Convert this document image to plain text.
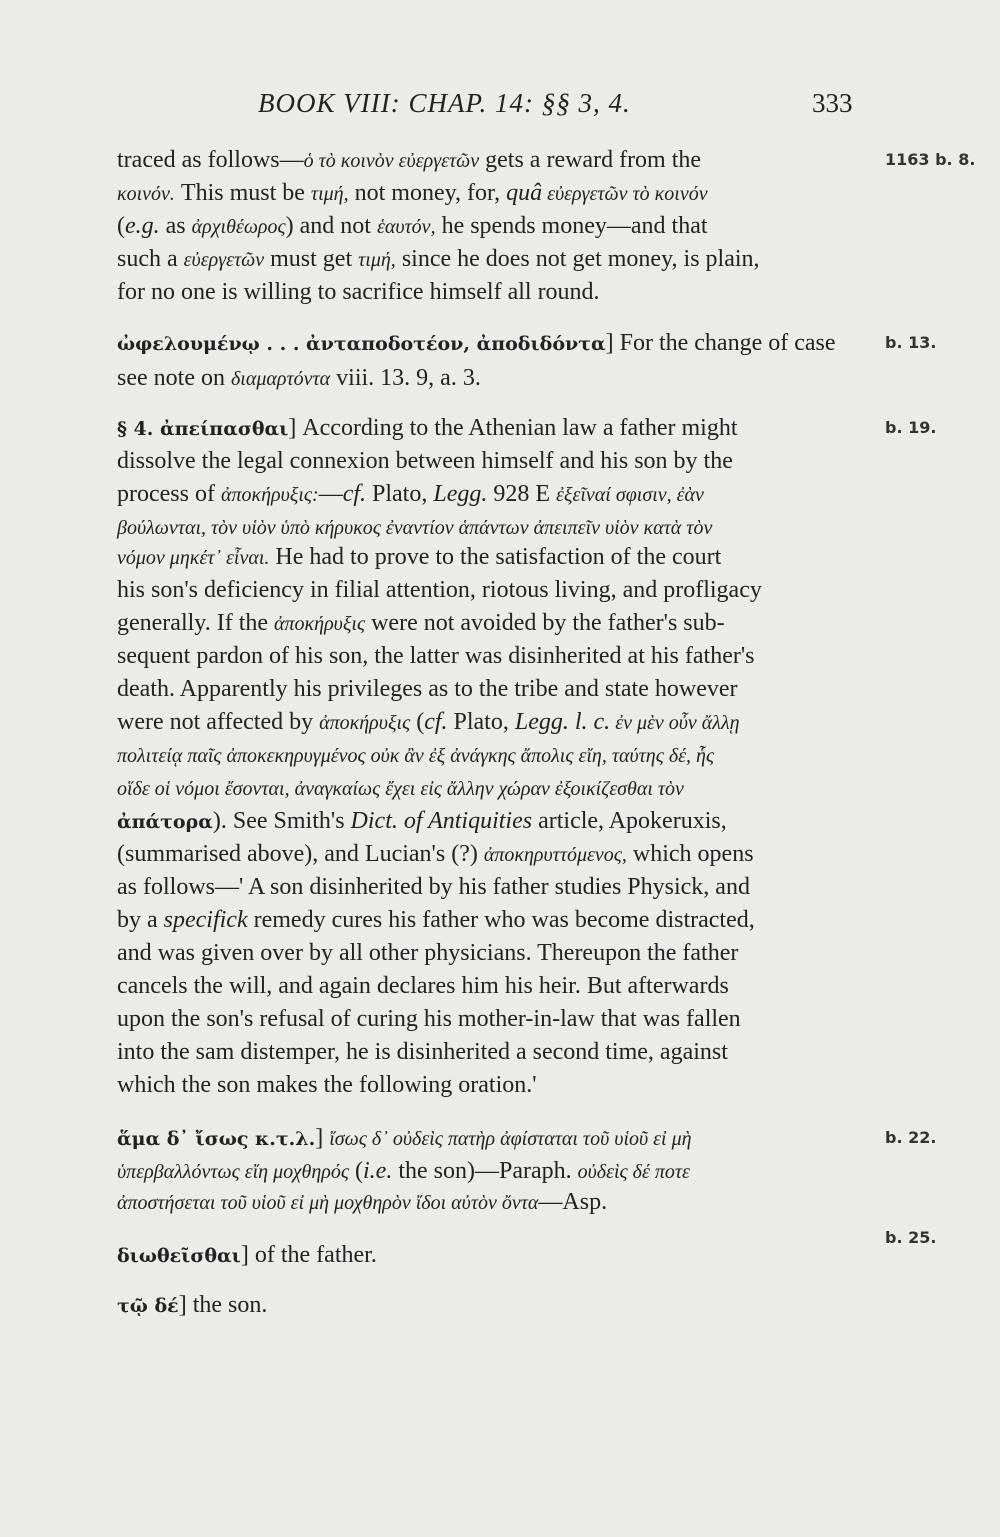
BOOK VIII: CHAP. 14: §§ 3, 4.	333
traced as follows—ὁ τὸ κοινὸν εὐεργετῶν gets a reward from the
κοινόν. This must be τιμή, not money, for, quâ εὐεργετῶν τὸ κοινόν
(e.g. as ἀρχιθέωρος) and not ἑαυτόν, he spends money—and that
such a εὐεργετῶν must get τιμή, since he does not get money, is plain,
for no one is willing to sacrifice himself all round.
ὠφελουμένῳ . . . ἀνταποδοτέον, ἀποδιδόντα] For the change of case
see note on διαμαρτόντα viii. 13. 9, a. 3.
§ 4. ἀπείπασθαι] According to the Athenian law a father might
dissolve the legal connexion between himself and his son by the
process of ἀποκήρυξις:—cf. Plato, Legg. 928 E ἐξεῖναί σφισιν, ἐὰν
βούλωνται, τὸν υἱὸν ὑπὸ κήρυκος ἐναντίον ἁπάντων ἀπειπεῖν υἱὸν κατὰ τὸν
νόμον μηκέτ᾽ εἶναι. He had to prove to the satisfaction of the court
his son's deficiency in filial attention, riotous living, and profligacy
generally. If the ἀποκήρυξις were not avoided by the father's sub-
sequent pardon of his son, the latter was disinherited at his father's
death. Apparently his privileges as to the tribe and state however
were not affected by ἀποκήρυξις (cf. Plato, Legg. l. c. ἐν μὲν οὖν ἄλλῃ
πολιτείᾳ παῖς ἀποκεκηρυγμένος οὐκ ἂν ἐξ ἀνάγκης ἄπολις εἴη, ταύτης δέ, ἧς
οἵδε οἱ νόμοι ἔσονται, ἀναγκαίως ἔχει εἰς ἄλλην χώραν ἐξοικίζεσθαι τὸν
ἀπάτορα). See Smith's Dict. of Antiquities article, Apokeruxis,
(summarised above), and Lucian's (?) ἀποκηρυττόμενος, which opens
as follows—' A son disinherited by his father studies Physick, and
by a specifick remedy cures his father who was become distracted,
and was given over by all other physicians. Thereupon the father
cancels the will, and again declares him his heir. But afterwards
upon the son's refusal of curing his mother-in-law that was fallen
into the sam distemper, he is disinherited a second time, against
which the son makes the following oration.'
ἅμα δ᾽ ἴσως κ.τ.λ.] ἴσως δ᾽ οὐδεὶς πατὴρ ἀφίσταται τοῦ υἱοῦ εἰ μὴ
ὑπερβαλλόντως εἴη μοχθηρός (i.e. the son)—Paraph. οὐδεὶς δέ ποτε
ἀποστήσεται τοῦ υἱοῦ εἰ μὴ μοχθηρὸν ἴδοι αὐτὸν ὄντα—Asp.
διωθεῖσθαι] of the father.
τῷ δέ] the son.
1163 b. 8.
b. 13.
b. 19.
b. 22.
b. 25.
